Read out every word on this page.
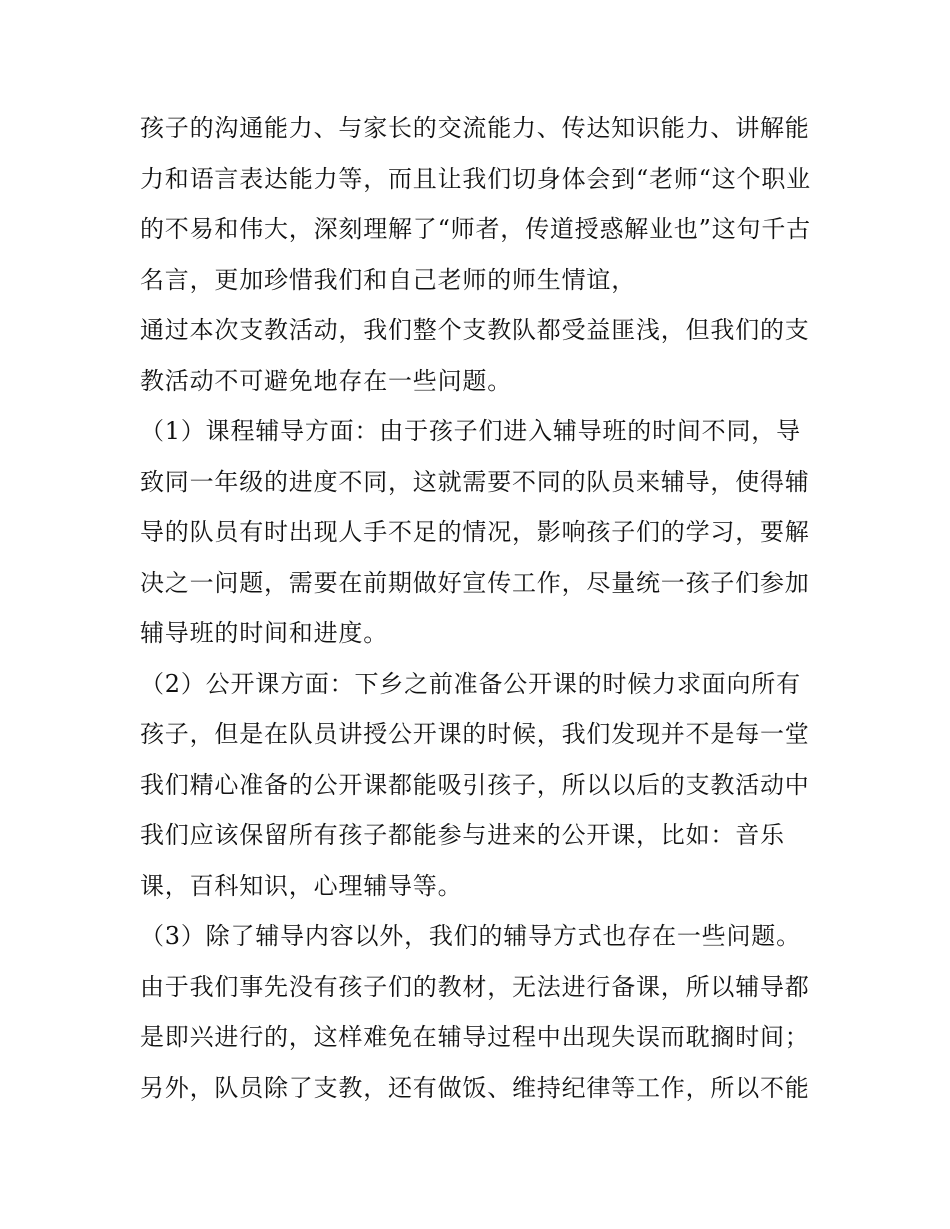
孩子的沟通能力、与家长的交流能力、传达知识能力、讲解能
力和语言表达能力等，而且让我们切身体会到“老师“这个职业
的不易和伟大，深刻理解了“师者，传道授惑解业也”这句千古
名言，更加珍惜我们和自己老师的师生情谊，
通过本次支教活动，我们整个支教队都受益匪浅，但我们的支
教活动不可避免地存在一些问题。
（1）课程辅导方面：由于孩子们进入辅导班的时间不同，导
致同一年级的进度不同，这就需要不同的队员来辅导，使得辅
导的队员有时出现人手不足的情况，影响孩子们的学习，要解
决之一问题，需要在前期做好宣传工作，尽量统一孩子们参加
辅导班的时间和进度。
（2）公开课方面：下乡之前准备公开课的时候力求面向所有
孩子，但是在队员讲授公开课的时候，我们发现并不是每一堂
我们精心准备的公开课都能吸引孩子，所以以后的支教活动中
我们应该保留所有孩子都能参与进来的公开课，比如：音乐
课，百科知识，心理辅导等。
（3）除了辅导内容以外，我们的辅导方式也存在一些问题。
由于我们事先没有孩子们的教材，无法进行备课，所以辅导都
是即兴进行的，这样难免在辅导过程中出现失误而耽搁时间；
另外，队员除了支教，还有做饭、维持纪律等工作，所以不能
